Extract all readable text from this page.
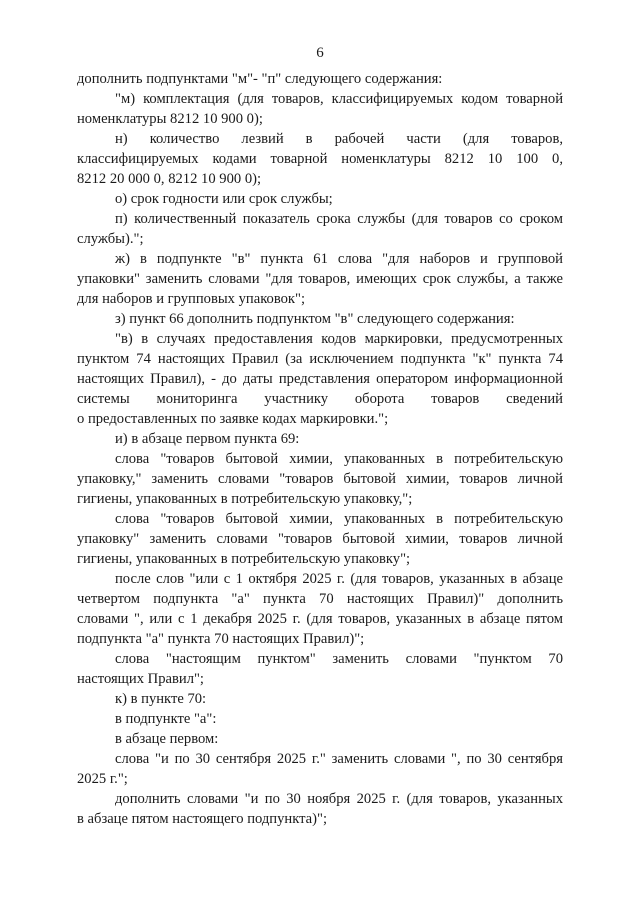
6

дополнить подпунктами "м"- "п" следующего содержания:

"м) комплектация (для товаров, классифицируемых кодом товарной
номенклатуры 8212 10 900 0);

н) количество лезвий в рабочей части (для товаров,
классифицируемых кодами товарной номенклатуры 8212 10 100 0,
8212 20 000 0, 8212 10 900 0);

о) срок годности или срок службы;

п) количественный показатель срока службы (для товаров со сроком
службы).";

ж) в подпункте "в" пункта 61 слова "для наборов и групповой
упаковки" заменить словами "для товаров, имеющих срок службы, а также
для наборов и групповых упаковок";

з) пункт 66 дополнить подпунктом "в" следующего содержания:

"в) в случаях предоставления кодов маркировки, предусмотренных
пунктом 74 настоящих Правил (за исключением подпункта "к" пункта 74
настоящих Правил), - до даты представления оператором информационной
системы мониторинга участнику оборота товаров сведений
о предоставленных по заявке кодах маркировки.";

и) в абзаце первом пункта 69:

слова "товаров бытовой химии, упакованных в потребительскую
упаковку," заменить словами "товаров бытовой химии, товаров личной
гигиены, упакованных в потребительскую упаковку,";

слова "товаров бытовой химии, упакованных в потребительскую
упаковку" заменить словами "товаров бытовой химии, товаров личной
гигиены, упакованных в потребительскую упаковку";

после слов "или с 1 октября 2025 г. (для товаров, указанных в абзаце
четвертом подпункта "а" пункта 70 настоящих Правил)" дополнить
словами ", или с 1 декабря 2025 г. (для товаров, указанных в абзаце пятом
подпункта "а" пункта 70 настоящих Правил)";

слова "настоящим пунктом" заменить словами "пунктом 70
настоящих Правил";

к) в пункте 70:

в подпункте "а":

в абзаце первом:

слова "и по 30 сентября 2025 г." заменить словами ", по 30 сентября
2025 г.";

дополнить словами "и по 30 ноября 2025 г. (для товаров, указанных
в абзаце пятом настоящего подпункта)";
